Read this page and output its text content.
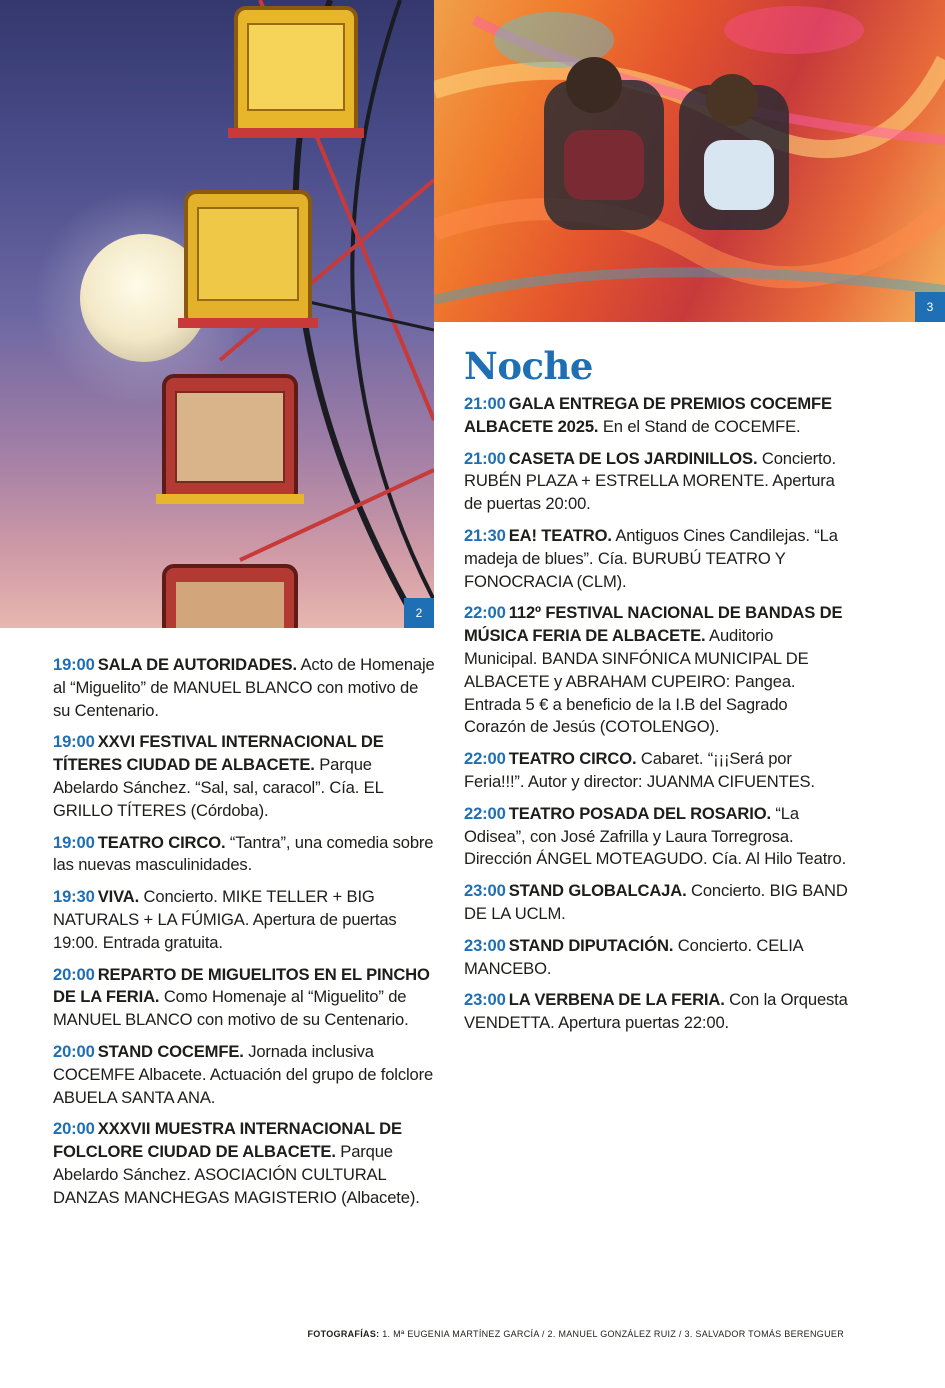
2
3

19:00 SALA DE AUTORIDADES. Acto de Homenaje al “Miguelito” de MANUEL BLANCO con motivo de su Centenario.

19:00 XXVI FESTIVAL INTERNACIONAL DE TÍTERES CIUDAD DE ALBACETE. Parque Abelardo Sánchez. “Sal, sal, caracol”. Cía. EL GRILLO TÍTERES (Córdoba).

19:00 TEATRO CIRCO. “Tantra”, una comedia sobre las nuevas masculinidades.

19:30 VIVA. Concierto. MIKE TELLER + BIG NATURALS + LA FÚMIGA. Apertura de puertas 19:00. Entrada gratuita.

20:00 REPARTO DE MIGUELITOS EN EL PINCHO DE LA FERIA. Como Homenaje al “Miguelito” de MANUEL BLANCO con motivo de su Centenario.

20:00 STAND COCEMFE. Jornada inclusiva COCEMFE Albacete. Actuación del grupo de folclore ABUELA SANTA ANA.

20:00 XXXVII MUESTRA INTERNACIONAL DE FOLCLORE CIUDAD DE ALBACETE. Parque Abelardo Sánchez. ASOCIACIÓN CULTURAL DANZAS MANCHEGAS MAGISTERIO (Albacete).

Noche

21:00 GALA ENTREGA DE PREMIOS COCEMFE ALBACETE 2025. En el Stand de COCEMFE.

21:00 CASETA DE LOS JARDINILLOS. Concierto. RUBÉN PLAZA + ESTRELLA MORENTE. Apertura de puertas 20:00.

21:30 EA! TEATRO. Antiguos Cines Candilejas. “La madeja de blues”. Cía. BURUBÚ TEATRO Y FONOCRACIA (CLM).

22:00 112º FESTIVAL NACIONAL DE BANDAS DE MÚSICA FERIA DE ALBACETE. Auditorio Municipal. BANDA SINFÓNICA MUNICIPAL DE ALBACETE y ABRAHAM CUPEIRO: Pangea. Entrada 5 € a beneficio de la I.B del Sagrado Corazón de Jesús (COTOLENGO).

22:00 TEATRO CIRCO. Cabaret. “¡¡¡Será por Feria!!!”. Autor y director: JUANMA CIFUENTES.

22:00 TEATRO POSADA DEL ROSARIO. “La Odisea”, con José Zafrilla y Laura Torregrosa. Dirección ÁNGEL MOTEAGUDO. Cía. Al Hilo Teatro.

23:00 STAND GLOBALCAJA. Concierto. BIG BAND DE LA UCLM.

23:00 STAND DIPUTACIÓN. Concierto. CELIA MANCEBO.

23:00 LA VERBENA DE LA FERIA. Con la Orquesta VENDETTA. Apertura puertas 22:00.

FOTOGRAFÍAS: 1. Mª EUGENIA MARTÍNEZ GARCÍA / 2. MANUEL GONZÁLEZ RUIZ / 3. SALVADOR TOMÁS BERENGUER
